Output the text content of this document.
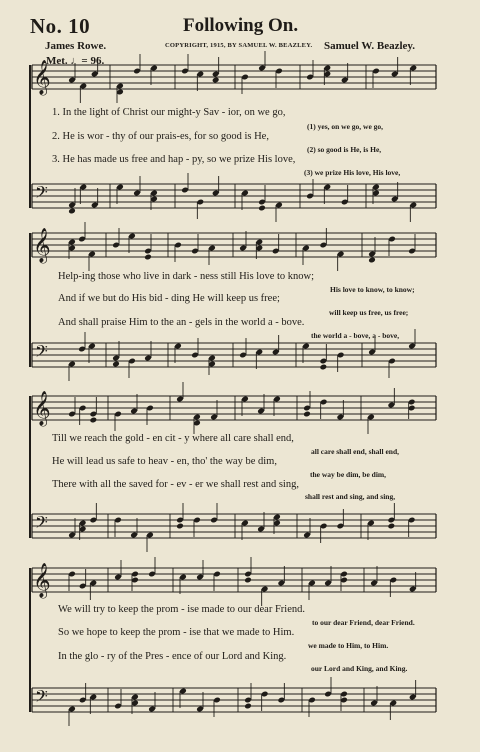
No. 10	Following On.
James Rowe.	COPYRIGHT, 1915, BY SAMUEL W. BEAZLEY. Samuel W. Beazley.
Met. ♩= 96.
𝄞
𝄢
𝄞
𝄢
𝄞
𝄢
𝄞
𝄢
1. In the light of Christ our might-y Sav - ior, on we go,
(1) yes, on we go, we go,
2. He is wor - thy of our prais-es, for so good is He,
(2) so good is He, is He,
3. He has made us free and hap - py, so we prize His love,
(3) we prize His love, His love,
Help-ing those who live in dark - ness still His love to know;
His love to know, to know;
And if we but do His bid - ding He will keep us free;
will keep us free, us free;
And shall praise Him to the an - gels in the world a - bove.
the world a - bove, a - bove,
Till we reach the gold - en cit - y where all care shall end,
all care shall end, shall end,
He will lead us safe to heav - en, tho' the way be dim,
the way be dim, be dim,
There with all the saved for - ev - er we shall rest and sing,
shall rest and sing, and sing,
We will try to keep the prom - ise made to our dear Friend.
to our dear Friend, dear Friend.
So we hope to keep the prom - ise that we made to Him.
we made to Him, to Him.
In the glo - ry of the Pres - ence of our Lord and King.
our Lord and King, and King.
